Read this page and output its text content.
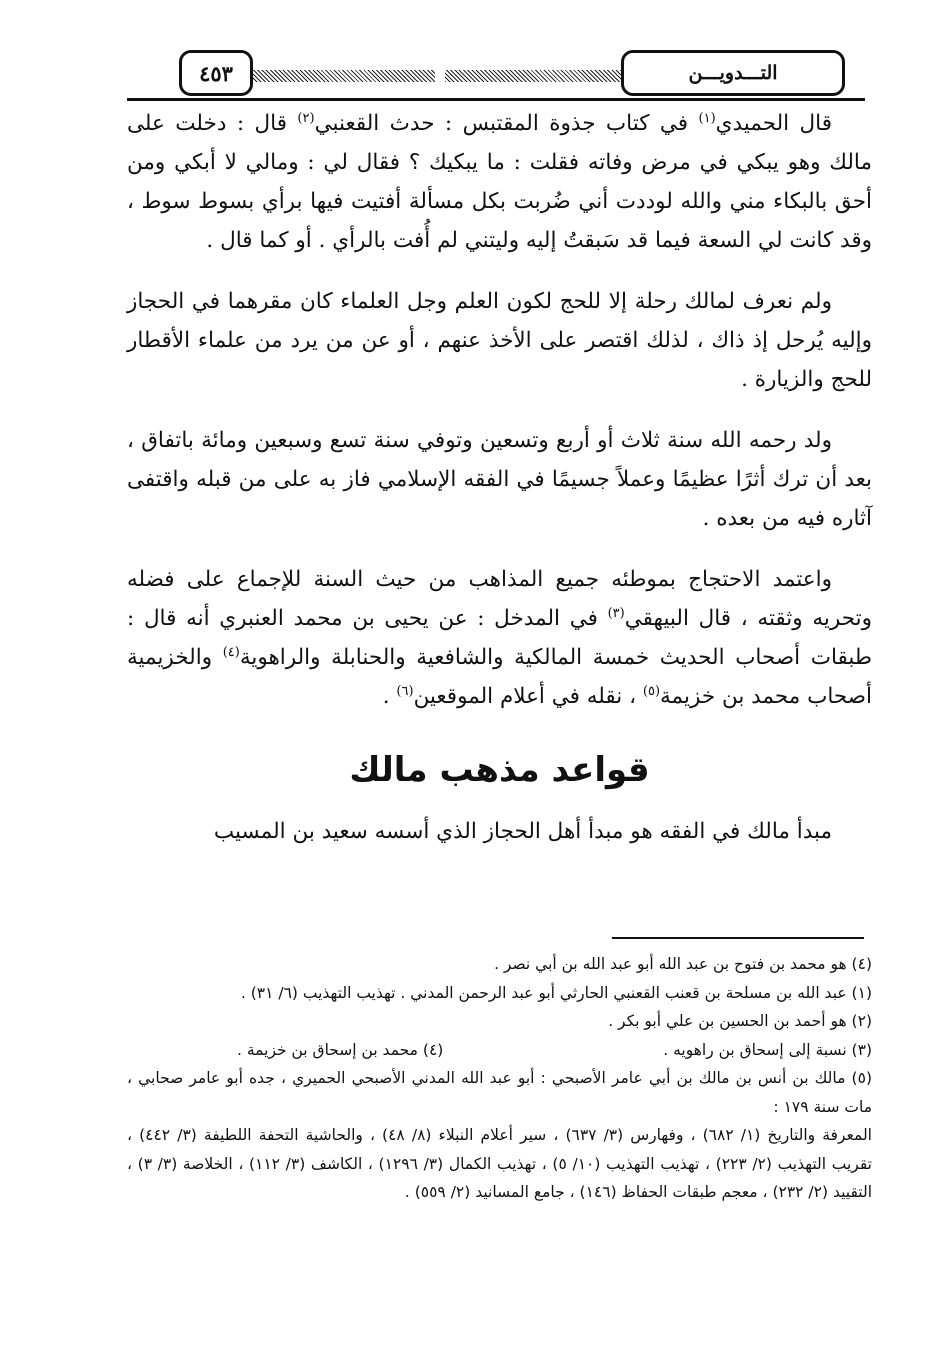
٤٥٣	التـــدويـــن

قال الحميدي$^{(١)}$ في كتاب جذوة المقتبس : حدث القعنبي$^{(٢)}$ قال : دخلت على مالك وهو يبكي في مرض وفاته فقلت : ما يبكيك ؟ فقال لي : ومالي لا أبكي ومن أحق بالبكاء مني والله لوددت أني ضُربت بكل مسألة أفتيت فيها برأي بسوط سوط ، وقد كانت لي السعة فيما قد سَبقتُ إليه وليتني لم أُفت بالرأي . أو كما قال .

ولم نعرف لمالك رحلة إلا للحج لكون العلم وجل العلماء كان مقرهما في الحجاز وإليه يُرحل إذ ذاك ، لذلك اقتصر على الأخذ عنهم ، أو عن من يرد من علماء الأقطار للحج والزيارة .

ولد رحمه الله سنة ثلاث أو أربع وتسعين وتوفي سنة تسع وسبعين ومائة باتفاق ، بعد أن ترك أثرًا عظيمًا وعملاً جسيمًا في الفقه الإسلامي فاز به على من قبله واقتفى آثاره فيه من بعده .

واعتمد الاحتجاج بموطئه جميع المذاهب من حيث السنة للإجماع على فضله وتحريه وثقته ، قال البيهقي$^{(٣)}$ في المدخل : عن يحيى بن محمد العنبري أنه قال : طبقات أصحاب الحديث خمسة المالكية والشافعية والحنابلة والراهوية$^{(٤)}$ والخزيمية أصحاب محمد بن خزيمة$^{(٥)}$ ، نقله في أعلام الموقعين$^{(٦)}$ .

قواعد مذهب مالك

مبدأ مالك في الفقه هو مبدأ أهل الحجاز الذي أسسه سعيد بن المسيب

(٤) هو محمد بن فتوح بن عبد الله أبو عبد الله بن أبي نصر .

(١) عبد الله بن مسلحة بن قعنب القعنبي الحارثي أبو عبد الرحمن المدني . تهذيب التهذيب (٦/ ٣١) .

(٢) هو أحمد بن الحسين بن علي أبو بكر .

(٣) نسبة إلى إسحاق بن راهويه .
(٤) محمد بن إسحاق بن خزيمة .

(٥) مالك بن أنس بن مالك بن أبي عامر الأصبحي : أبو عبد الله المدني الأصبحي الحميري ، جده أبو عامر صحابي ، مات سنة ١٧٩ :

المعرفة والتاريخ (١/ ٦٨٢) ، وفهارس (٣/ ٦٣٧) ، سير أعلام النبلاء (٨/ ٤٨) ، والحاشية التحفة اللطيفة (٣/ ٤٤٢) ، تقريب التهذيب (٢/ ٢٢٣) ، تهذيب التهذيب (١٠/ ٥) ، تهذيب الكمال (٣/ ١٢٩٦) ، الكاشف (٣/ ١١٢) ، الخلاصة (٣/ ٣) ، التقييد (٢/ ٢٣٢) ، معجم طبقات الحفاظ (١٤٦) ، جامع المسانيد (٢/ ٥٥٩) .
